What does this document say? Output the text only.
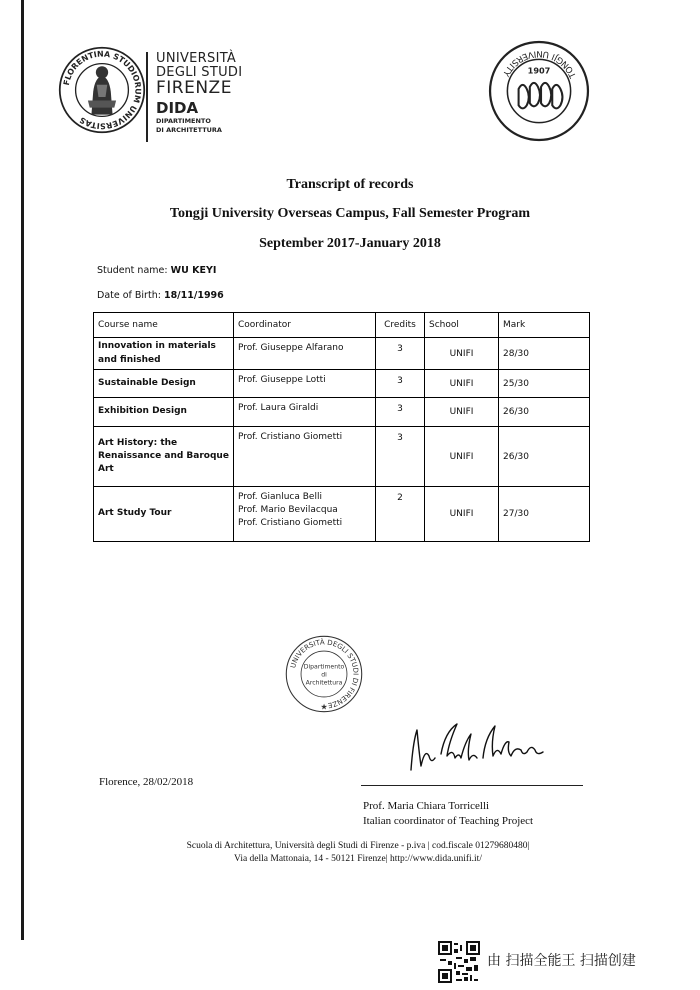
FLORENTINA STUDIORUM UNIVERSITAS
UNIVERSITÀ
DEGLI STUDI
FIRENZE
DIDA
DIPARTIMENTO
DI ARCHITETTURA
TONGJI UNIVERSITY	1907
Transcript of records
Tongji University Overseas Campus, Fall Semester Program
September 2017-January 2018
Student name: WU KEYI
Date of Birth: 18/11/1996
Course name	Coordinator	Credits	School	Mark
Innovation in materials and finished	Prof. Giuseppe Alfarano	3	UNIFI	28/30
Sustainable Design	Prof. Giuseppe Lotti	3	UNIFI	25/30
Exhibition Design	Prof. Laura Giraldi	3	UNIFI	26/30
Art History: the Renaissance and Baroque Art	Prof. Cristiano Giometti	3	UNIFI	26/30
Art Study Tour	Prof. Gianluca Belli
Prof. Mario Bevilacqua
Prof. Cristiano Giometti	2	UNIFI	27/30
UNIVERSITÀ DEGLI STUDI DI FIRENZE
Dipartimento
di
Architettura
★
Florence, 28/02/2018
Prof. Maria Chiara Torricelli
Italian coordinator of Teaching Project
Scuola di Architettura, Università degli Studi di Firenze - p.iva | cod.fiscale 01279680480|
Via della Mattonaia, 14 - 50121 Firenze| http://www.dida.unifi.it/
由 扫描全能王 扫描创建
